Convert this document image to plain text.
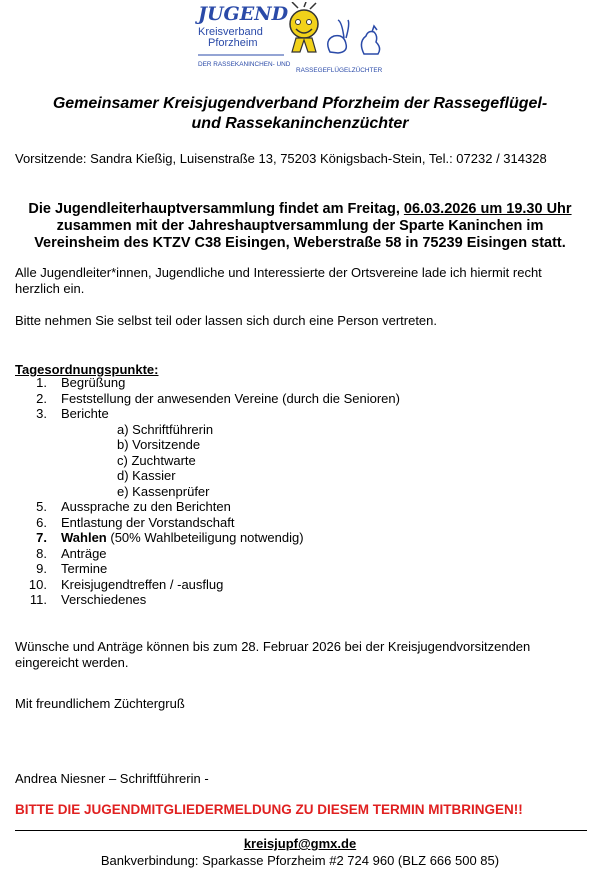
JUGEND
Kreisverband
Pforzheim
DER RASSEKANINCHEN- UND
RASSEGEFLÜGELZÜCHTER
Gemeinsamer Kreisjugendverband Pforzheim der Rassegeflügel-
und Rassekaninchenzüchter
Vorsitzende: Sandra Kießig, Luisenstraße 13, 75203 Königsbach-Stein, Tel.: 07232 / 314328
Die Jugendleiterhauptversammlung findet am Freitag, 06.03.2026 um 19.30 Uhr
zusammen mit der Jahreshauptversammlung der Sparte Kaninchen im
Vereinsheim des KTZV C38 Eisingen, Weberstraße 58 in 75239 Eisingen statt.
Alle Jugendleiter*innen, Jugendliche und Interessierte der Ortsvereine lade ich hiermit recht
herzlich ein.
Bitte nehmen Sie selbst teil oder lassen sich durch eine Person vertreten.
Tagesordnungspunkte:
1. Begrüßung
2. Feststellung der anwesenden Vereine (durch die Senioren)
3. Berichte
a) Schriftführerin
b) Vorsitzende
c) Zuchtwarte
d) Kassier
e) Kassenprüfer
5. Aussprache zu den Berichten
6. Entlastung der Vorstandschaft
7. Wahlen (50% Wahlbeteiligung notwendig)
8. Anträge
9. Termine
10. Kreisjugendtreffen / -ausflug
11. Verschiedenes
Wünsche und Anträge können bis zum 28. Februar 2026 bei der Kreisjugendvorsitzenden
eingereicht werden.
Mit freundlichem Züchtergruß
Andrea Niesner – Schriftführerin -
BITTE DIE JUGENDMITGLIEDERMELDUNG ZU DIESEM TERMIN MITBRINGEN!!
kreisjupf@gmx.de
Bankverbindung: Sparkasse Pforzheim #2 724 960 (BLZ 666 500 85)
